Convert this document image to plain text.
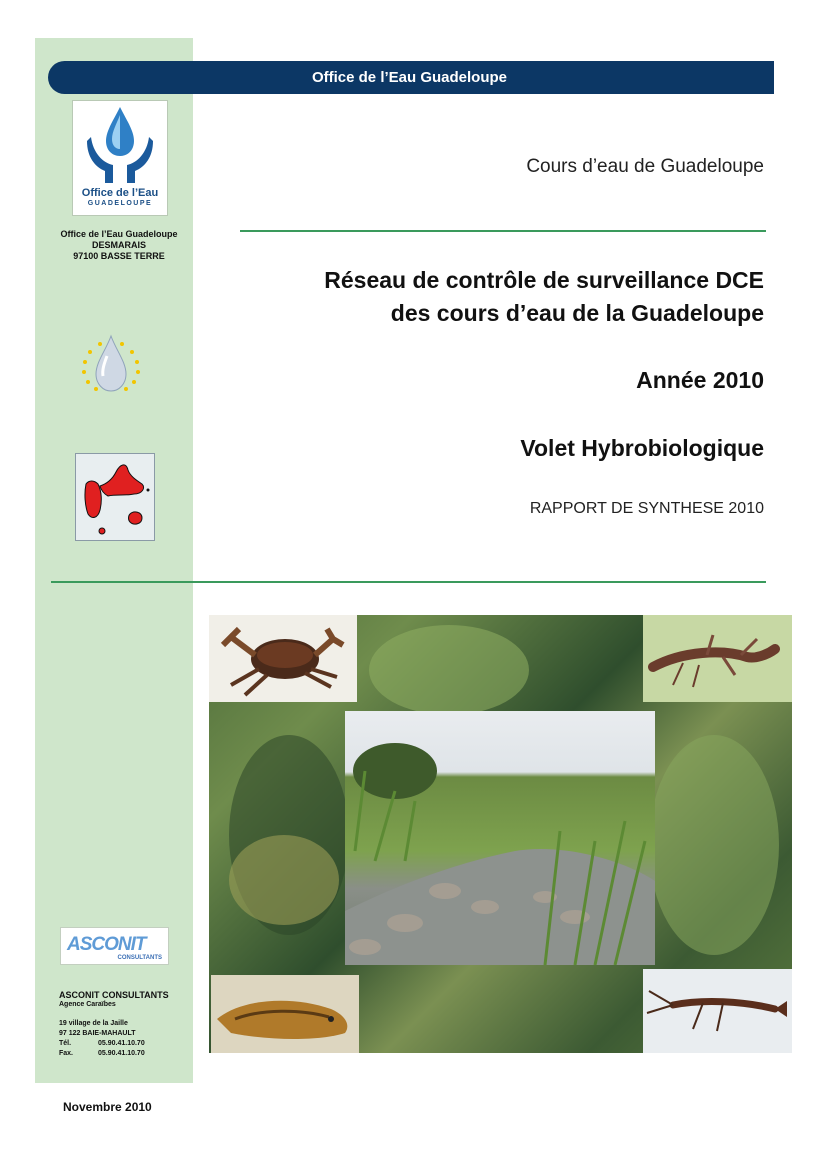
Office de l’Eau Guadeloupe
Office de l’Eau
GUADELOUPE
Office de l’Eau Guadeloupe
DESMARAIS
97100 BASSE TERRE
Cours d’eau de Guadeloupe
Réseau de contrôle de surveillance DCE
des cours d’eau de la Guadeloupe
Année 2010
Volet Hybrobiologique
RAPPORT DE SYNTHESE 2010
ASCONIT
CONSULTANTS
ASCONIT CONSULTANTS
Agence Caraïbes
19 village de la Jaille
97 122 BAIE-MAHAULT
Tél.	05.90.41.10.70
Fax.	05.90.41.10.70
Novembre 2010
